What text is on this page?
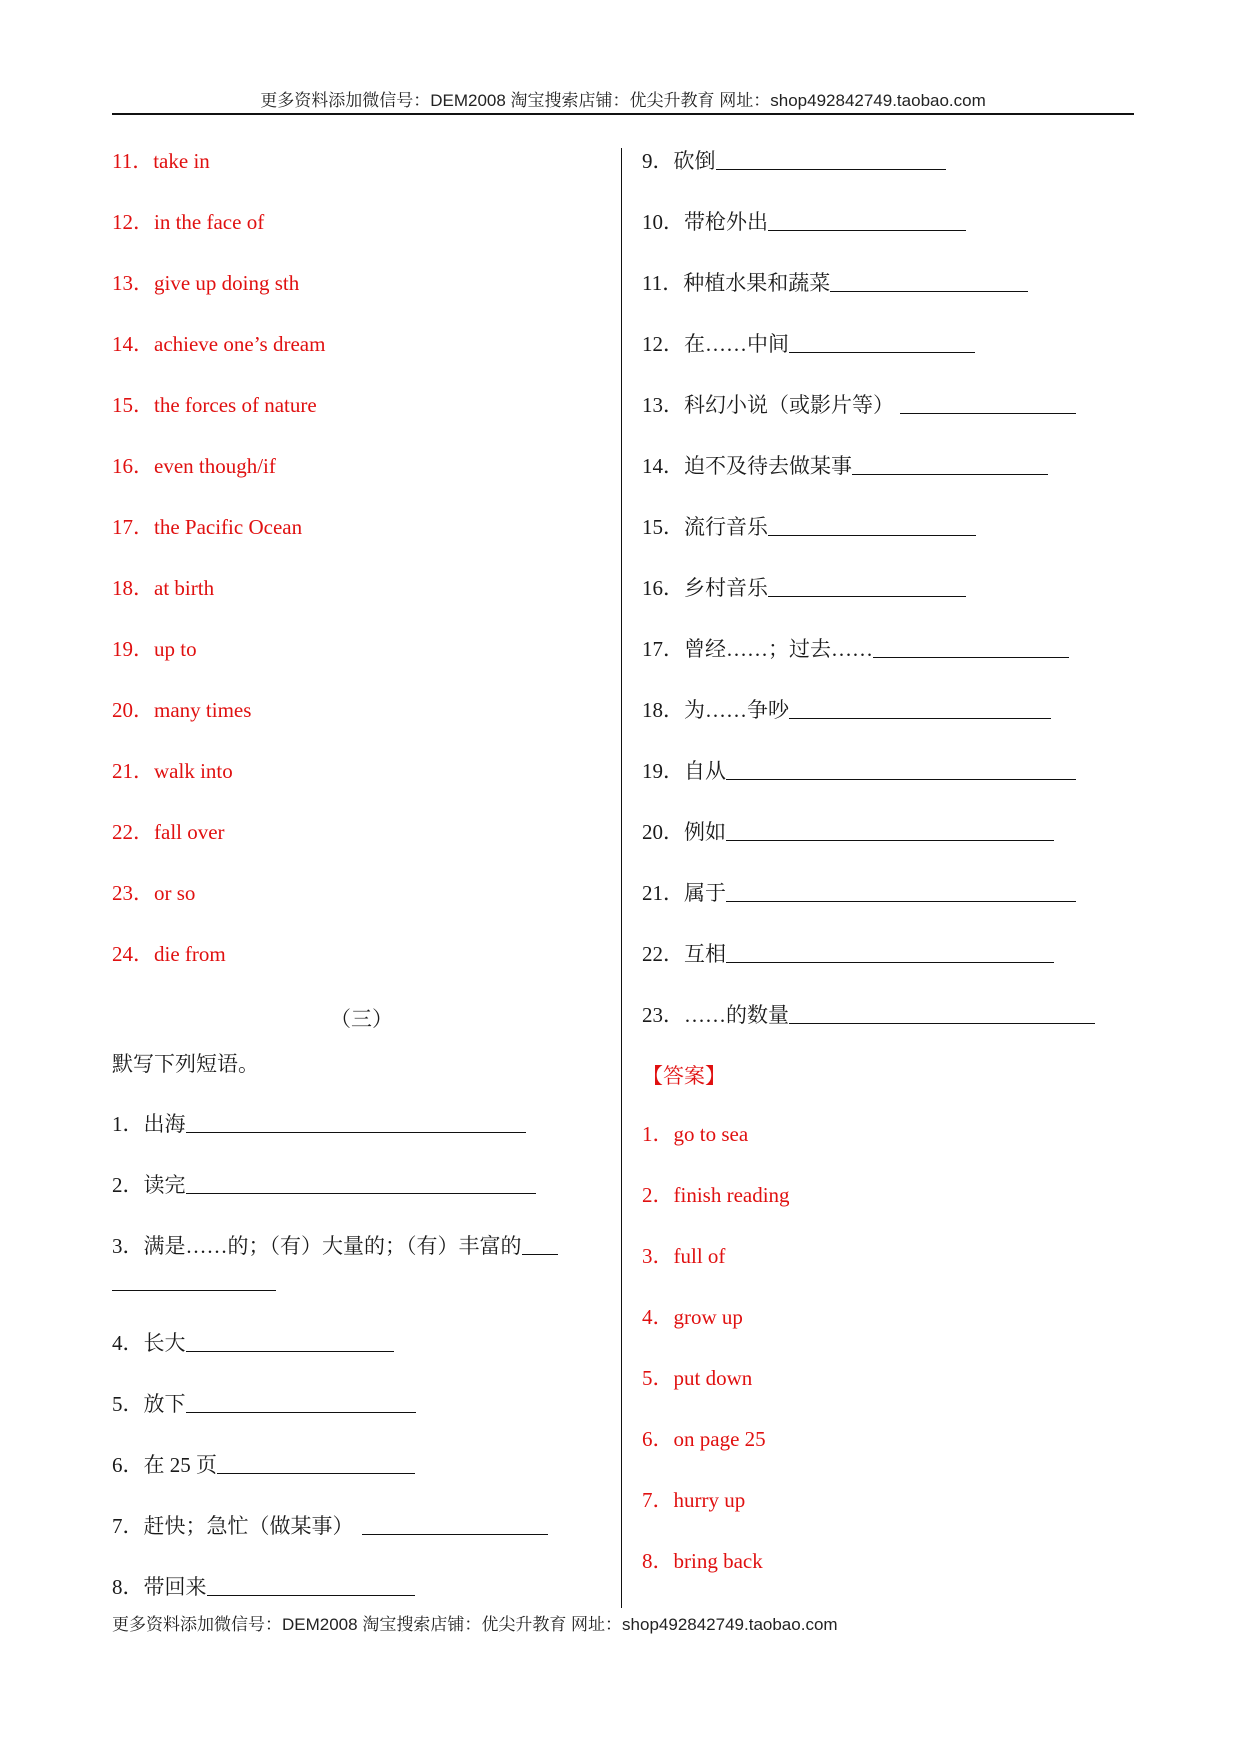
更多资料添加微信号：DEM2008 淘宝搜索店铺：优尖升教育 网址：shop492842749.taobao.com
11．take in
12．in the face of
13．give up doing sth
14．achieve one’s dream
15．the forces of nature
16．even though/if
17．the Pacific Ocean
18．at birth
19．up to
20．many times
21．walk into
22．fall over
23．or so
24．die from
（三）
默写下列短语。
1．出海
2．读完
3．满是……的；（有）大量的；（有）丰富的
4．长大
5．放下
6．在 25 页
7．赶快；急忙（做某事）
8．带回来
9．砍倒
10．带枪外出
11．种植水果和蔬菜
12．在……中间
13．科幻小说（或影片等）
14．迫不及待去做某事
15．流行音乐
16．乡村音乐
17．曾经……；过去……
18．为……争吵
19．自从
20．例如
21．属于
22．互相
23．……的数量
【答案】
1．go to sea
2．finish reading
3．full of
4．grow up
5．put down
6．on page 25
7．hurry up
8．bring back
更多资料添加微信号：DEM2008 淘宝搜索店铺：优尖升教育 网址：shop492842749.taobao.com
